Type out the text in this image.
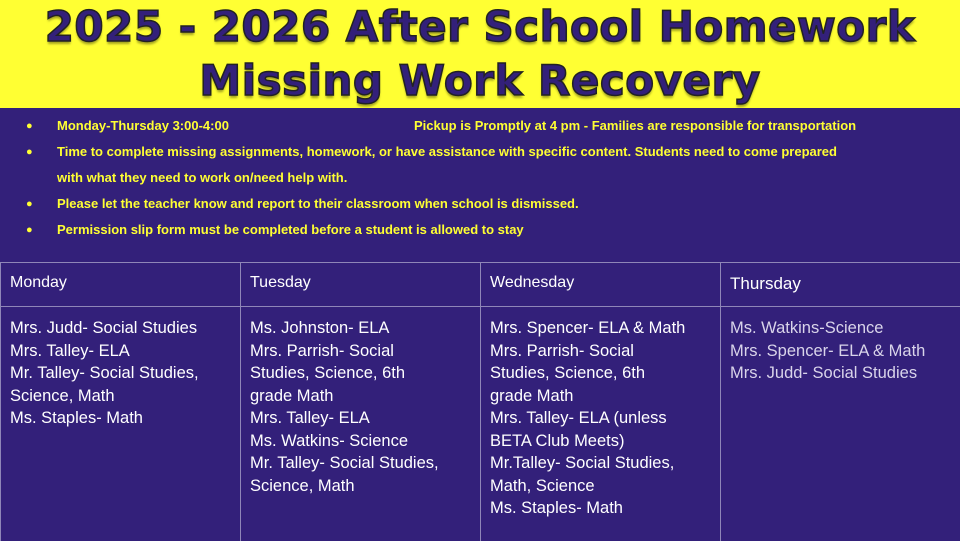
2025 - 2026 After School Homework
Missing Work Recovery
● Monday-Thursday 3:00-4:00	Pickup is Promptly at 4 pm - Families are responsible for transportation
● Time to complete missing assignments, homework, or have assistance with specific content. Students need to come prepared
with what they need to work on/need help with.
● Please let the teacher know and report to their classroom when school is dismissed.
● Permission slip form must be completed before a student is allowed to stay
Monday
Mrs. Judd- Social Studies
Mrs. Talley- ELA
Mr. Talley- Social Studies,
Science, Math
Ms. Staples- Math
Tuesday
Ms. Johnston- ELA
Mrs. Parrish- Social
Studies, Science, 6th
grade Math
Mrs. Talley- ELA
Ms. Watkins- Science
Mr. Talley- Social Studies,
Science, Math
Wednesday
Mrs. Spencer- ELA & Math
Mrs. Parrish- Social
Studies, Science, 6th
grade Math
Mrs. Talley- ELA (unless
BETA Club Meets)
Mr.Talley- Social Studies,
Math, Science
Ms. Staples- Math
Thursday
Ms. Watkins-Science
Mrs. Spencer- ELA & Math
Mrs. Judd- Social Studies
